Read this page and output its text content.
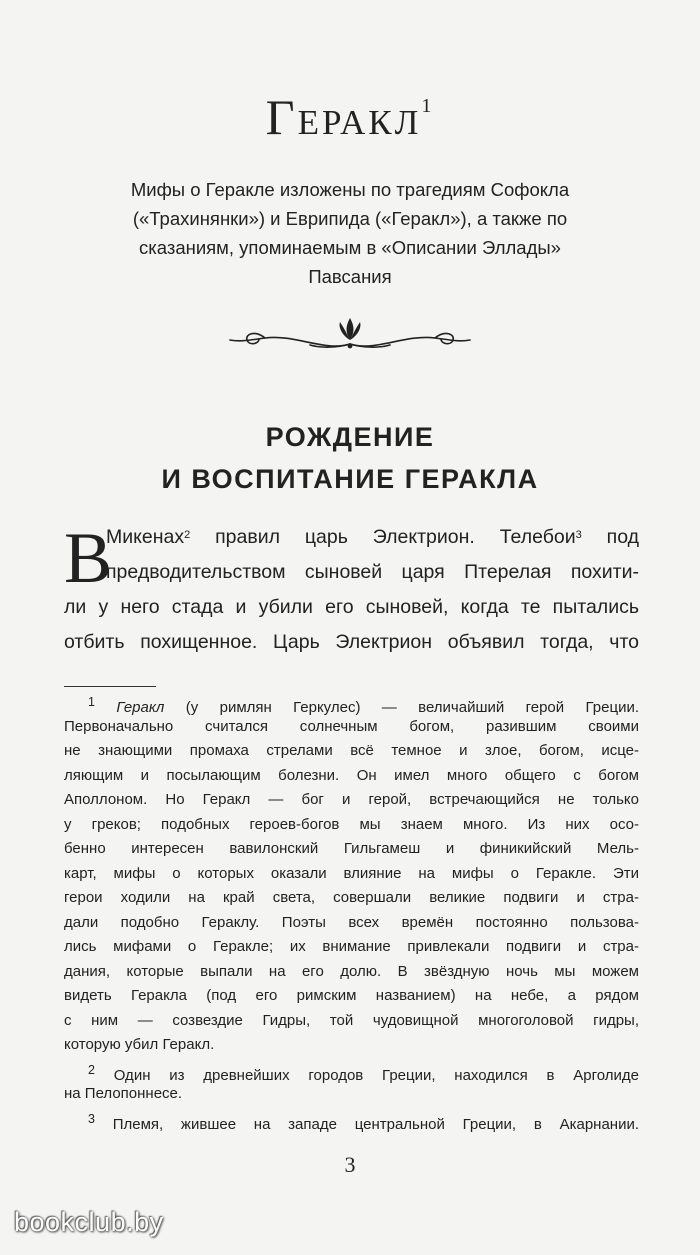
Геракл$^1$
Мифы о Геракле изложены по трагедиям Софокла
(«Трахинянки») и Еврипида («Геракл»), а также по
сказаниям, упоминаемым в «Описании Эллады»
Павсания
РОЖДЕНИЕ
И ВОСПИТАНИЕ ГЕРАКЛА
В
Микенах$^2$ правил царь Электрион. Телебои$^3$ под
предводительством сыновей царя Птерелая похити-
ли у него стада и убили его сыновей, когда те пытались
отбить похищенное. Царь Электрион объявил тогда, что
$^1$ Геракл (у римлян Геркулес) — величайший герой Греции.
Первоначально считался солнечным богом, разившим своими
не знающими промаха стрелами всё темное и злое, богом, исце-
ляющим и посылающим болезни. Он имел много общего с богом
Аполлоном. Но Геракл — бог и герой, встречающийся не только
у греков; подобных героев-богов мы знаем много. Из них осо-
бенно интересен вавилонский Гильгамеш и финикийский Мель-
карт, мифы о которых оказали влияние на мифы о Геракле. Эти
герои ходили на край света, совершали великие подвиги и стра-
дали подобно Гераклу. Поэты всех времён постоянно пользова-
лись мифами о Геракле; их внимание привлекали подвиги и стра-
дания, которые выпали на его долю. В звёздную ночь мы можем
видеть Геракла (под его римским названием) на небе, а рядом
с ним — созвездие Гидры, той чудовищной многоголовой гидры,
которую убил Геракл.
$^2$ Один из древнейших городов Греции, находился в Арголиде
на Пелопоннесе.
$^3$ Племя, жившее на западе центральной Греции, в Акарнании.
3
bookclub.by
